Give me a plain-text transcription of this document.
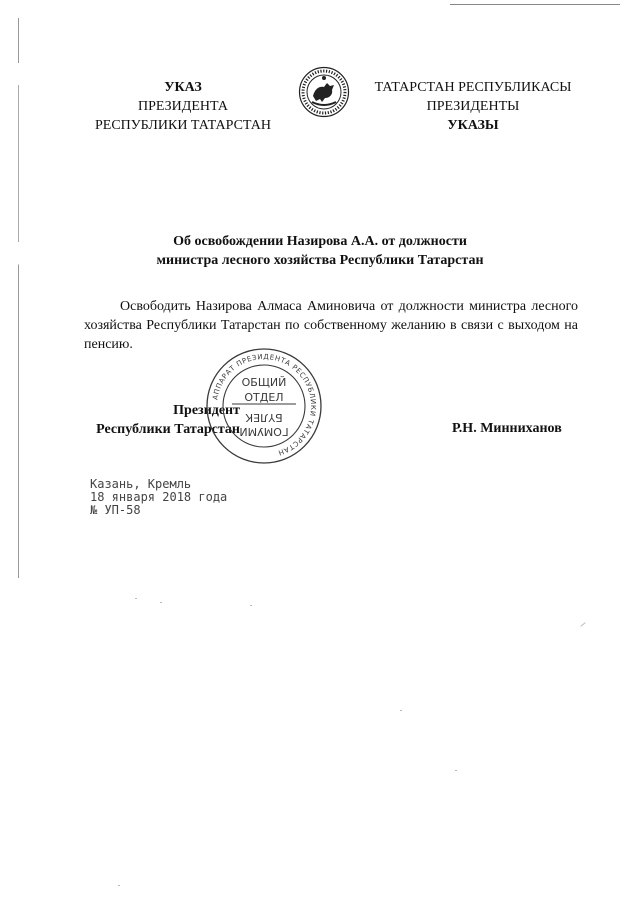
УКАЗ
ПРЕЗИДЕНТА
РЕСПУБЛИКИ ТАТАРСТАН
ТАТАРСТАН РЕСПУБЛИКАСЫ
ПРЕЗИДЕНТЫ
УКАЗЫ
Об освобождении Назирова А.А. от должности
министра лесного хозяйства Республики Татарстан

Освободить Назирова Алмаса Аминовича от должности министра лесного хозяйства Республики Татарстан по собственному желанию в связи с выходом на пенсию.

Президент
Республики Татарстан	Р.Н. Минниханов
АППАРАТ ПРЕЗИДЕНТА РЕСПУБЛИКИ ТАТАРСТАН
ОБЩИЙ
ОТДЕЛ
БҮЛЕК
ГОМУМИ
Казань, Кремль
18 января 2018 года
№ УП-58
